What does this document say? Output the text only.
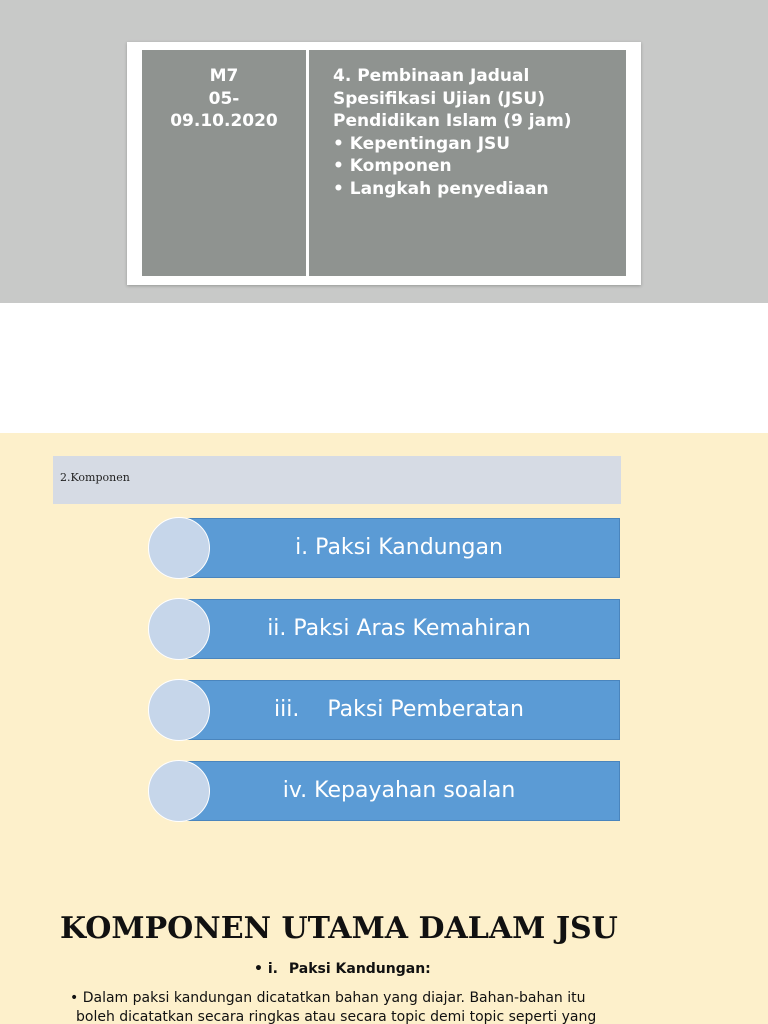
M7
05-
09.10.2020
4. Pembinaan Jadual
Spesifikasi Ujian (JSU)
Pendidikan Islam (9 jam)
• Kepentingan JSU
• Komponen
• Langkah penyediaan
2.Komponen
i. Paksi Kandungan
ii. Paksi Aras Kemahiran
iii.    Paksi Pemberatan
iv. Kepayahan soalan
KOMPONEN UTAMA DALAM JSU
• i. Paksi Kandungan:
• Dalam paksi kandungan dicatatkan bahan yang diajar. Bahan-bahan itu
boleh dicatatkan secara ringkas atau secara topic demi topic seperti yang
